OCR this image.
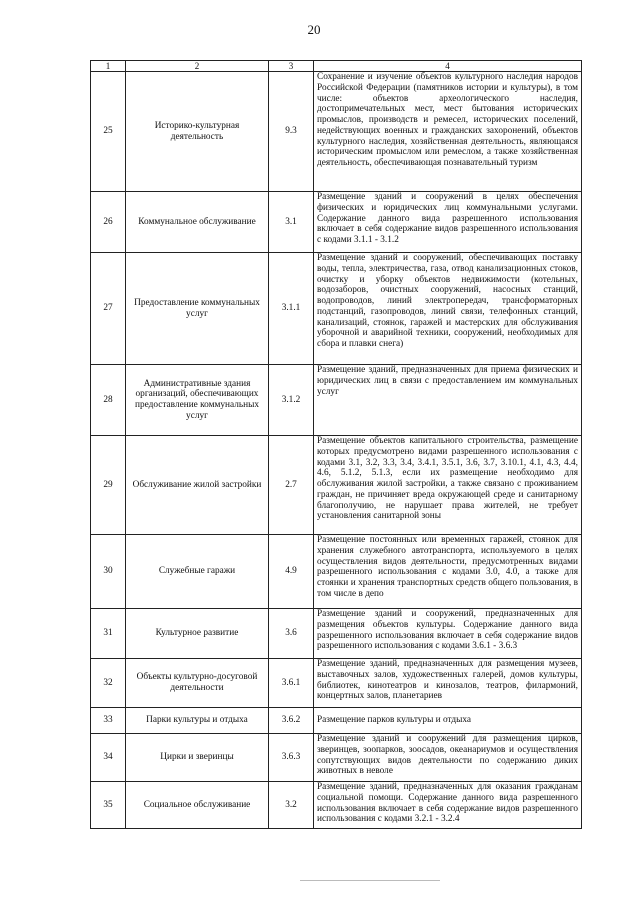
20
1	2	3	4
25	Историко-культурная деятельность	9.3	Сохранение и изучение объектов культурного наследия народов Российской Федерации (памятников истории и культуры), в том числе: объектов археологического наследия, достопримечательных мест, мест бытования исторических промыслов, производств и ремесел, исторических поселений, недействующих военных и гражданских захоронений, объектов культурного наследия, хозяйственная деятельность, являющаяся историческим промыслом или ремеслом, а также хозяйственная деятельность, обеспечивающая познавательный туризм
26	Коммунальное обслуживание	3.1	Размещение зданий и сооружений в целях обеспечения физических и юридических лиц коммунальными услугами. Содержание данного вида разрешенного использования включает в себя содержание видов разрешенного использования с кодами 3.1.1 - 3.1.2
27	Предоставление коммунальных услуг	3.1.1	Размещение зданий и сооружений, обеспечивающих поставку воды, тепла, электричества, газа, отвод канализационных стоков, очистку и уборку объектов недвижимости (котельных, водозаборов, очистных сооружений, насосных станций, водопроводов, линий электропередач, трансформаторных подстанций, газопроводов, линий связи, телефонных станций, канализаций, стоянок, гаражей и мастерских для обслуживания уборочной и аварийной техники, сооружений, необходимых для сбора и плавки снега)
28	Административные здания организаций, обеспечивающих предоставление коммунальных услуг	3.1.2	Размещение зданий, предназначенных для приема физических и юридических лиц в связи с предоставлением им коммунальных услуг
29	Обслуживание жилой застройки	2.7	Размещение объектов капитального строительства, размещение которых предусмотрено видами разрешенного использования с кодами 3.1, 3.2, 3.3, 3.4, 3.4.1, 3.5.1, 3.6, 3.7, 3.10.1, 4.1, 4.3, 4.4, 4.6, 5.1.2, 5.1.3, если их размещение необходимо для обслуживания жилой застройки, а также связано с проживанием граждан, не причиняет вреда окружающей среде и санитарному благополучию, не нарушает права жителей, не требует установления санитарной зоны
30	Служебные гаражи	4.9	Размещение постоянных или временных гаражей, стоянок для хранения служебного автотранспорта, используемого в целях осуществления видов деятельности, предусмотренных видами разрешенного использования с кодами 3.0, 4.0, а также для стоянки и хранения транспортных средств общего пользования, в том числе в депо
31	Культурное развитие	3.6	Размещение зданий и сооружений, предназначенных для размещения объектов культуры. Содержание данного вида разрешенного использования включает в себя содержание видов разрешенного использования с кодами 3.6.1 - 3.6.3
32	Объекты культурно-досуговой деятельности	3.6.1	Размещение зданий, предназначенных для размещения музеев, выставочных залов, художественных галерей, домов культуры, библиотек, кинотеатров и кинозалов, театров, филармоний, концертных залов, планетариев
33	Парки культуры и отдыха	3.6.2	Размещение парков культуры и отдыха
34	Цирки и зверинцы	3.6.3	Размещение зданий и сооружений для размещения цирков, зверинцев, зоопарков, зоосадов, океанариумов и осуществления сопутствующих видов деятельности по содержанию диких животных в неволе
35	Социальное обслуживание	3.2	Размещение зданий, предназначенных для оказания гражданам социальной помощи. Содержание данного вида разрешенного использования включает в себя содержание видов разрешенного использования с кодами 3.2.1 - 3.2.4
